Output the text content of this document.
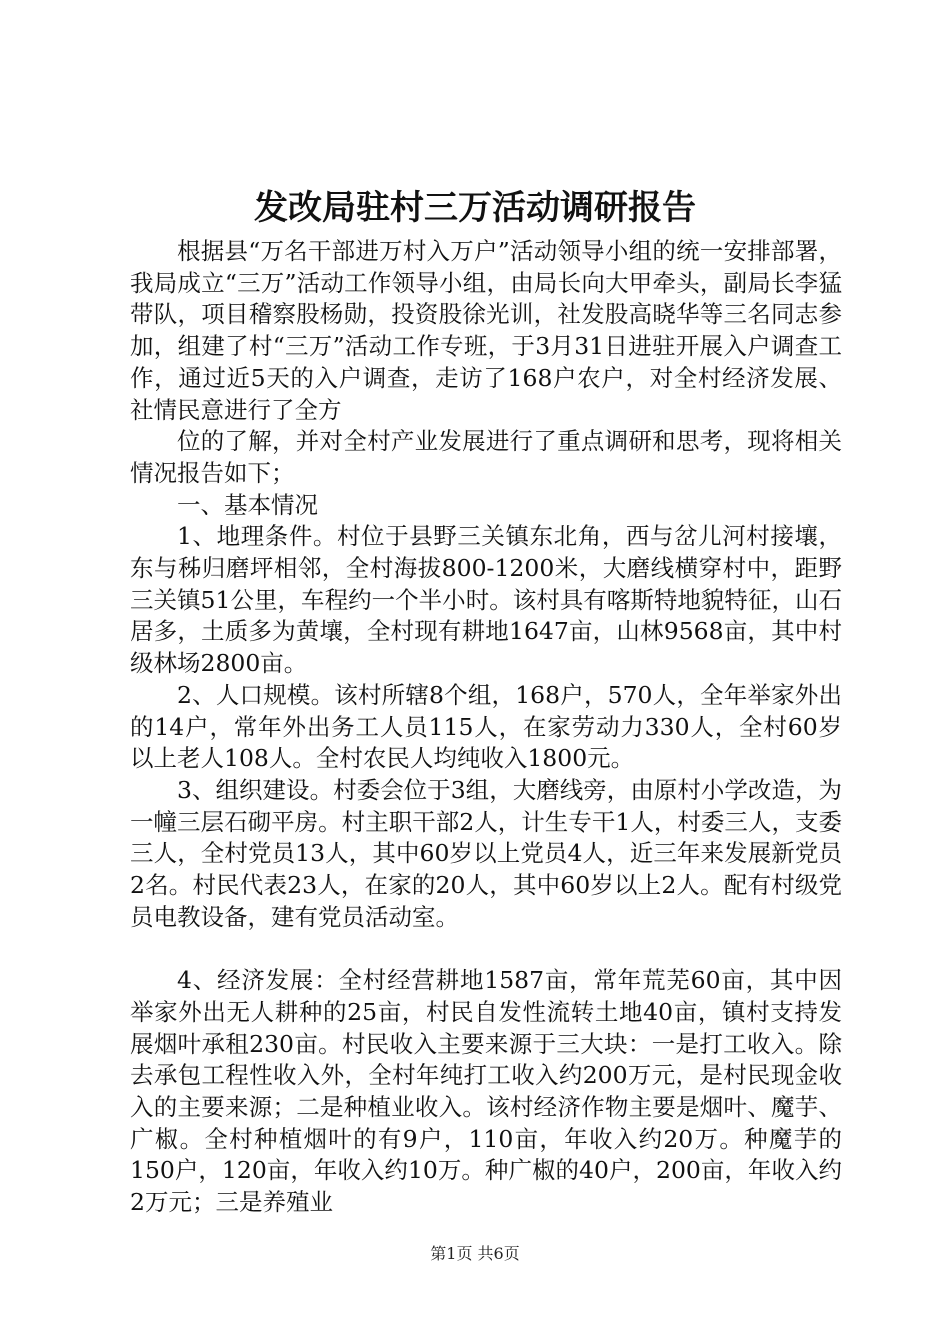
发改局驻村三万活动调研报告

根据县“万名干部进万村入万户”活动领导小组的统一安排部署，我局成立“三万”活动工作领导小组，由局长向大甲牵头，副局长李猛带队，项目稽察股杨勋，投资股徐光训，社发股高晓华等三名同志参加，组建了村“三万”活动工作专班，于3月31日进驻开展入户调查工作，通过近5天的入户调查，走访了168户农户，对全村经济发展、社情民意进行了全方

位的了解，并对全村产业发展进行了重点调研和思考，现将相关情况报告如下；

一、基本情况

1、地理条件。村位于县野三关镇东北角，西与岔儿河村接壤，东与秭归磨坪相邻，全村海拔800-1200米，大磨线横穿村中，距野三关镇51公里，车程约一个半小时。该村具有喀斯特地貌特征，山石居多，土质多为黄壤，全村现有耕地1647亩，山林9568亩，其中村级林场2800亩。

2、人口规模。该村所辖8个组，168户，570人，全年举家外出的14户，常年外出务工人员115人，在家劳动力330人，全村60岁以上老人108人。全村农民人均纯收入1800元。

3、组织建设。村委会位于3组，大磨线旁，由原村小学改造，为一幢三层石砌平房。村主职干部2人，计生专干1人，村委三人，支委三人，全村党员13人，其中60岁以上党员4人，近三年来发展新党员2名。村民代表23人，在家的20人，其中60岁以上2人。配有村级党员电教设备，建有党员活动室。

4、经济发展：全村经营耕地1587亩，常年荒芜60亩，其中因举家外出无人耕种的25亩，村民自发性流转土地40亩，镇村支持发展烟叶承租230亩。村民收入主要来源于三大块：一是打工收入。除去承包工程性收入外，全村年纯打工收入约200万元，是村民现金收入的主要来源；二是种植业收入。该村经济作物主要是烟叶、魔芋、广椒。全村种植烟叶的有9户，110亩，年收入约20万。种魔芋的150户，120亩，年收入约10万。种广椒的40户，200亩，年收入约2万元；三是养殖业

第1页 共6页
